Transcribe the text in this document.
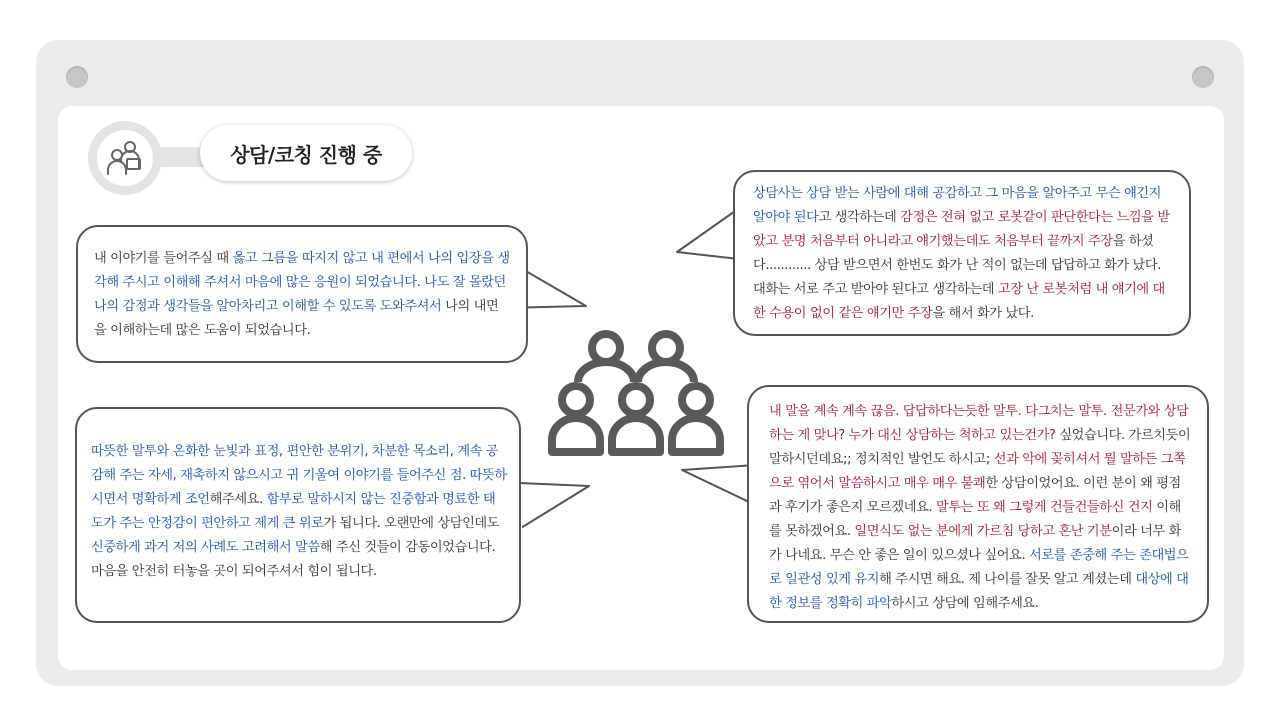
상담/코칭 진행 중
내 이야기를 들어주실 때 옳고 그름을 따지지 않고 내 편에서 나의 입장을 생각해 주시고 이해해 주셔서 마음에 많은 응원이 되었습니다. 나도 잘 몰랐던 나의 감정과 생각들을 알아차리고 이해할 수 있도록 도와주셔서 나의 내면을 이해하는데 많은 도움이 되었습니다.
상담사는 상담 받는 사람에 대해 공감하고 그 마음을 알아주고 무슨 얘긴지 알아야 된다고 생각하는데 감정은 전혀 없고 로봇같이 판단한다는 느낌을 받았고 분명 처음부터 아니라고 얘기했는데도 처음부터 끝까지 주장을 하셨다............ 상담 받으면서 한번도 화가 난 적이 없는데 답답하고 화가 났다. 대화는 서로 주고 받아야 된다고 생각하는데 고장 난 로봇처럼 내 얘기에 대한 수용이 없이 같은 얘기만 주장을 해서 화가 났다.
따뜻한 말투와 온화한 눈빛과 표정, 편안한 분위기, 차분한 목소리, 계속 공감해 주는 자세, 재촉하지 않으시고 귀 기울여 이야기를 들어주신 점. 따뜻하시면서 명확하게 조언해주세요. 함부로 말하시지 않는 진중함과 명료한 태도가 주는 안정감이 편안하고 제게 큰 위로가 됩니다. 오랜만에 상담인데도 신중하게 과거 저의 사례도 고려해서 말씀해 주신 것들이 감동이었습니다. 마음을 안전히 터놓을 곳이 되어주셔서 힘이 됩니다.
내 말을 계속 계속 끊음. 답답하다는듯한 말투. 다그치는 말투. 전문가와 상담하는 게 맞나? 누가 대신 상담하는 척하고 있는건가? 싶었습니다. 가르치듯이 말하시던데요;; 정치적인 발언도 하시고; 선과 악에 꽂히셔서 뭘 말하든 그쪽으로 엮어서 말씀하시고 매우 매우 불쾌한 상담이었어요. 이런 분이 왜 평점과 후기가 좋은지 모르겠네요. 말투는 또 왜 그렇게 건들건들하신 건지 이해를 못하겠어요. 일면식도 없는 분에게 가르침 당하고 혼난 기분이라 너무 화가 나네요. 무슨 안 좋은 일이 있으셨나 싶어요. 서로를 존중해 주는 존대법으로 일관성 있게 유지해 주시면 해요. 제 나이를 잘못 알고 계셨는데 대상에 대한 정보를 정확히 파악하시고 상담에 임해주세요.
